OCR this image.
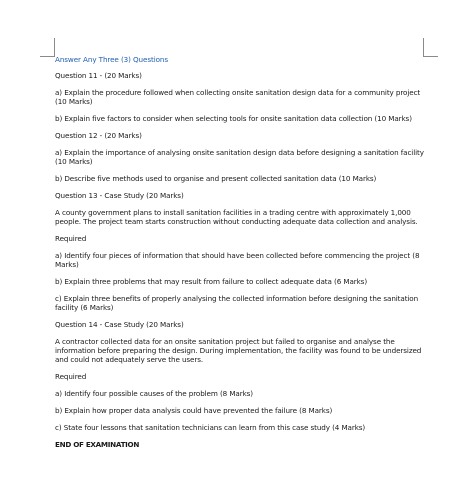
Answer Any Three (3) Questions

Question 11 - (20 Marks)

a) Explain the procedure followed when collecting onsite sanitation design data for a community project (10 Marks)

b) Explain five factors to consider when selecting tools for onsite sanitation data collection (10 Marks)

Question 12 - (20 Marks)

a) Explain the importance of analysing onsite sanitation design data before designing a sanitation facility (10 Marks)

b) Describe five methods used to organise and present collected sanitation data (10 Marks)

Question 13 - Case Study (20 Marks)

A county government plans to install sanitation facilities in a trading centre with approximately 1,000 people. The project team starts construction without conducting adequate data collection and analysis.

Required

a) Identify four pieces of information that should have been collected before commencing the project (8 Marks)

b) Explain three problems that may result from failure to collect adequate data (6 Marks)

c) Explain three benefits of properly analysing the collected information before designing the sanitation facility (6 Marks)

Question 14 - Case Study (20 Marks)

A contractor collected data for an onsite sanitation project but failed to organise and analyse the information before preparing the design. During implementation, the facility was found to be undersized and could not adequately serve the users.

Required

a) Identify four possible causes of the problem (8 Marks)

b) Explain how proper data analysis could have prevented the failure (8 Marks)

c) State four lessons that sanitation technicians can learn from this case study (4 Marks)

END OF EXAMINATION
